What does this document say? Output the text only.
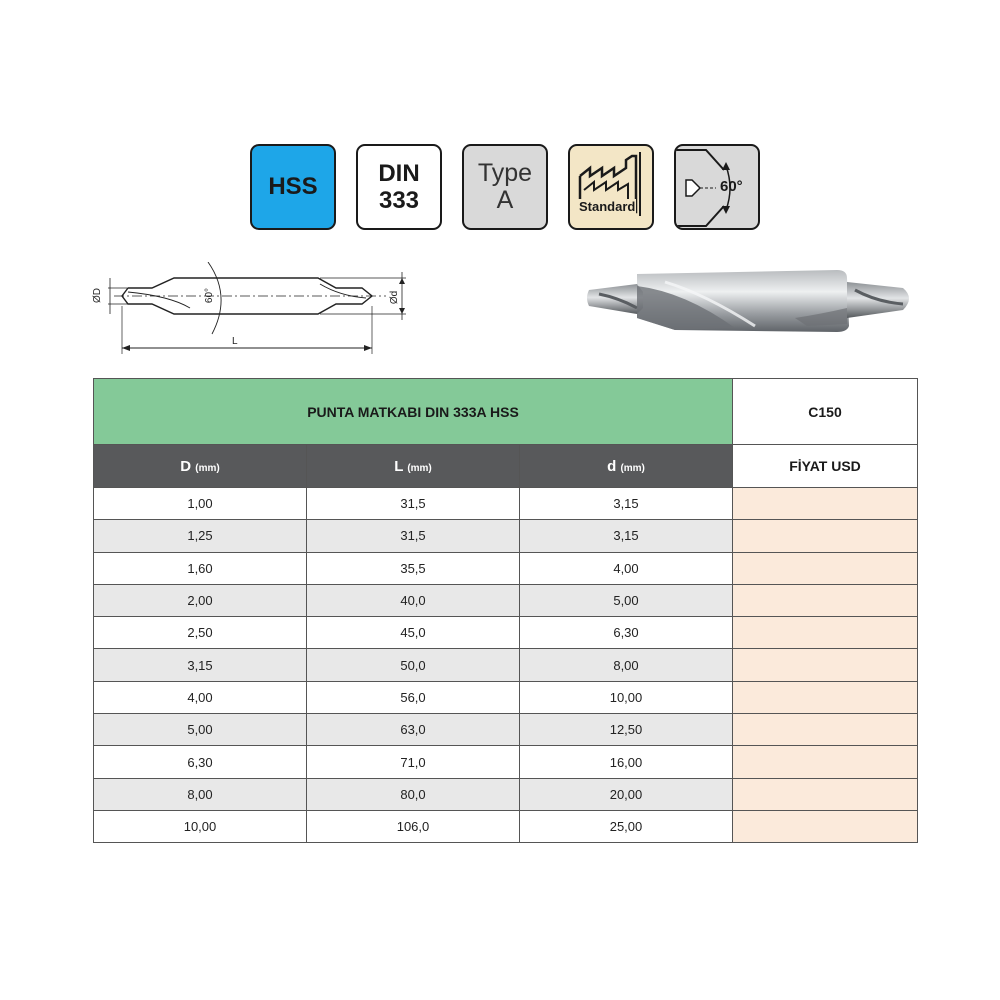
HSS	DIN
333
Type
A	Standard
60°
ØD	Ød
L
60°
PUNTA MATKABI DIN 333A HSS			C150
D (mm)	L (mm)	d (mm)	FİYAT USD
1,00	31,5	3,15	
1,25	31,5	3,15	
1,60	35,5	4,00	
2,00	40,0	5,00	
2,50	45,0	6,30	
3,15	50,0	8,00	
4,00	56,0	10,00	
5,00	63,0	12,50	
6,30	71,0	16,00	
8,00	80,0	20,00	
10,00	106,0	25,00	
